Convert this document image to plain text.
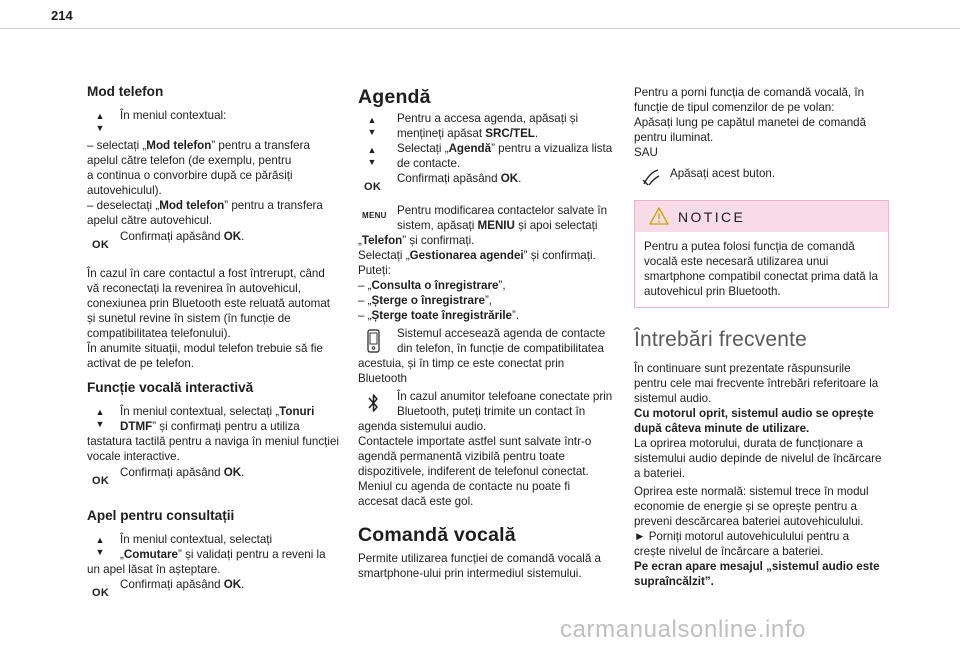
214
Mod telefon
▲
▼

În meniul contextual:

– selectați „Mod telefon” pentru a transfera

apelul către telefon (de exemplu, pentru

a continua o convorbire după ce părăsiți

autovehiculul).

– deselectați „Mod telefon” pentru a transfera

apelul către autovehicul.

OK

Confirmați apăsând OK.

În cazul în care contactul a fost întrerupt, când

vă reconectați la revenirea în autovehicul,

conexiunea prin Bluetooth este reluată automat

și sunetul revine în sistem (în funcție de

compatibilitatea telefonului).

În anumite situații, modul telefon trebuie să fie

activat de pe telefon.

Funcție vocală interactivă
▲
▼

În meniul contextual, selectați „Tonuri

DTMF” și confirmați pentru a utiliza

tastatura tactilă pentru a naviga în meniul funcției

vocale interactive.

OK

Confirmați apăsând OK.

Apel pentru consultații
▲
▼

În meniul contextual, selectați

„Comutare” și validați pentru a reveni la

un apel lăsat în așteptare.

OK

Confirmați apăsând OK.

Agendă
▲
▼
▲
▼
OK

Pentru a accesa agenda, apăsați și

mențineți apăsat SRC/TEL.

Selectați „Agendă” pentru a vizualiza lista

de contacte.

Confirmați apăsând OK.

MENU Pentru modificarea contactelor salvate în

sistem, apăsați MENIU și apoi selectați

„Telefon” și confirmați.

Selectați „Gestionarea agendei” și confirmați.

Puteți:

– „Consulta o înregistrare”,

– „Șterge o înregistrare”,

– „Șterge toate înregistrările”.

Sistemul accesează agenda de contacte

din telefon, în funcție de compatibilitatea

acestuia, și în timp ce este conectat prin

Bluetooth

În cazul anumitor telefoane conectate prin

Bluetooth, puteți trimite un contact în

agenda sistemului audio.

Contactele importate astfel sunt salvate într-o

agendă permanentă vizibilă pentru toate

dispozitivele, indiferent de telefonul conectat.

Meniul cu agenda de contacte nu poate fi

accesat dacă este gol.

Comandă vocală

Permite utilizarea funcției de comandă vocală a

smartphone-ului prin intermediul sistemului.

Pentru a porni funcția de comandă vocală, în

funcție de tipul comenzilor de pe volan:

Apăsați lung pe capătul manetei de comandă

pentru iluminat.

SAU

Apăsați acest buton.

NOTICE

Pentru a putea folosi funcția de comandă

vocală este necesară utilizarea unui

smartphone compatibil conectat prima dată la

autovehicul prin Bluetooth.

Întrebări frecvente

În continuare sunt prezentate răspunsurile

pentru cele mai frecvente întrebări referitoare la

sistemul audio.

Cu motorul oprit, sistemul audio se oprește

după câteva minute de utilizare.

La oprirea motorului, durata de funcționare a

sistemului audio depinde de nivelul de încărcare

a bateriei.

Oprirea este normală: sistemul trece în modul

economie de energie și se oprește pentru a

preveni descărcarea bateriei autovehiculului.

► Porniți motorul autovehiculului pentru a

crește nivelul de încărcare a bateriei.

Pe ecran apare mesajul „sistemul audio este

supraîncălzit”.

carmanualsonline.info
